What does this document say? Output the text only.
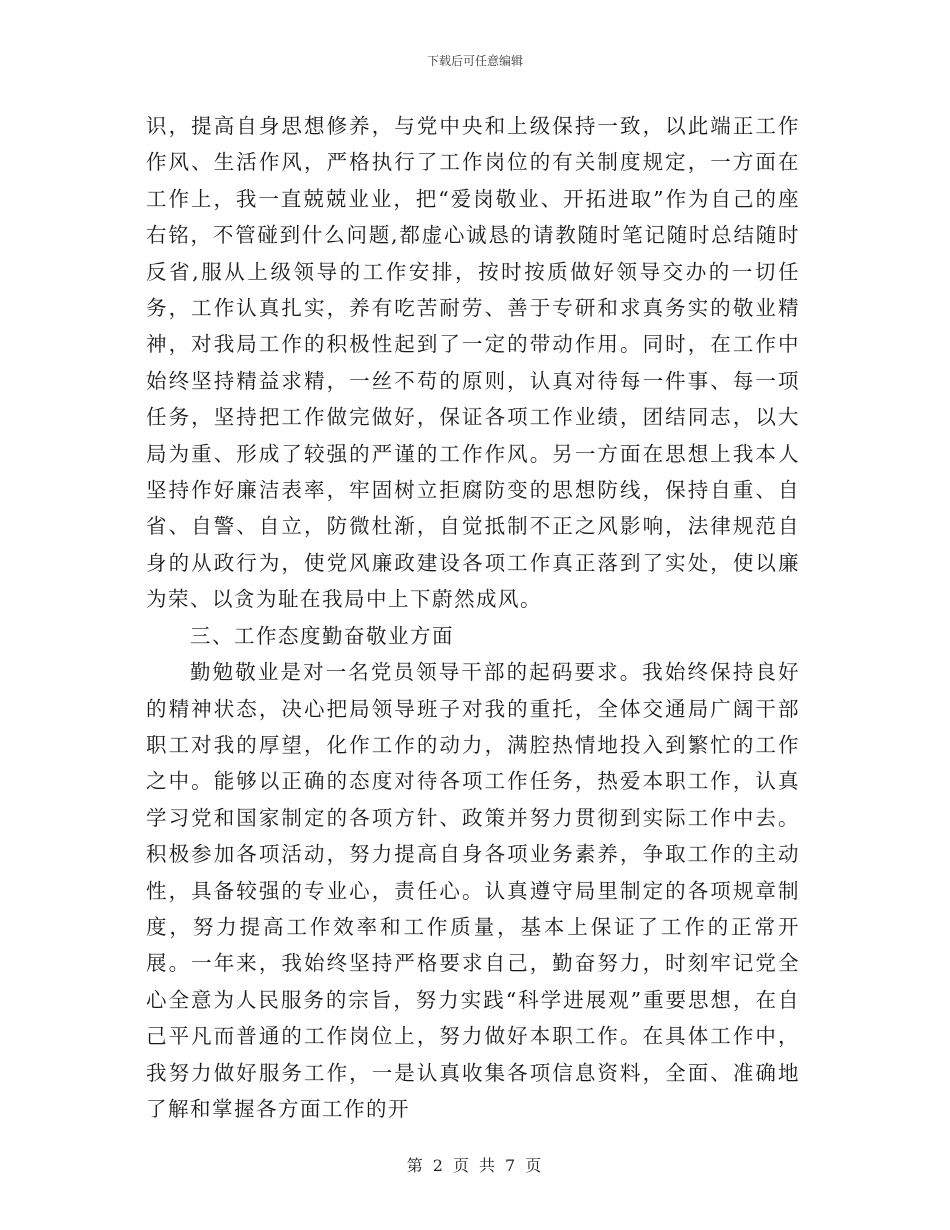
下载后可任意编辑

识，提高自身思想修养，与党中央和上级保持一致，以此端正工作作风、生活作风，严格执行了工作岗位的有关制度规定，一方面在工作上，我一直兢兢业业，把“爱岗敬业、开拓进取”作为自己的座右铭，不管碰到什么问题,都虚心诚恳的请教随时笔记随时总结随时反省,服从上级领导的工作安排，按时按质做好领导交办的一切任务，工作认真扎实，养有吃苦耐劳、善于专研和求真务实的敬业精神，对我局工作的积极性起到了一定的带动作用。同时，在工作中始终坚持精益求精，一丝不苟的原则，认真对待每一件事、每一项任务，坚持把工作做完做好，保证各项工作业绩，团结同志，以大局为重、形成了较强的严谨的工作作风。另一方面在思想上我本人坚持作好廉洁表率，牢固树立拒腐防变的思想防线，保持自重、自省、自警、自立，防微杜渐，自觉抵制不正之风影响，法律规范自身的从政行为，使党风廉政建设各项工作真正落到了实处，使以廉为荣、以贪为耻在我局中上下蔚然成风。

三、工作态度勤奋敬业方面

勤勉敬业是对一名党员领导干部的起码要求。我始终保持良好的精神状态，决心把局领导班子对我的重托，全体交通局广阔干部职工对我的厚望，化作工作的动力，满腔热情地投入到繁忙的工作之中。能够以正确的态度对待各项工作任务，热爱本职工作，认真学习党和国家制定的各项方针、政策并努力贯彻到实际工作中去。积极参加各项活动，努力提高自身各项业务素养，争取工作的主动性，具备较强的专业心，责任心。认真遵守局里制定的各项规章制度，努力提高工作效率和工作质量，基本上保证了工作的正常开展。一年来，我始终坚持严格要求自己，勤奋努力，时刻牢记党全心全意为人民服务的宗旨，努力实践“科学进展观”重要思想，在自己平凡而普通的工作岗位上，努力做好本职工作。在具体工作中，我努力做好服务工作，一是认真收集各项信息资料，全面、准确地了解和掌握各方面工作的开

第 2 页 共 7 页
